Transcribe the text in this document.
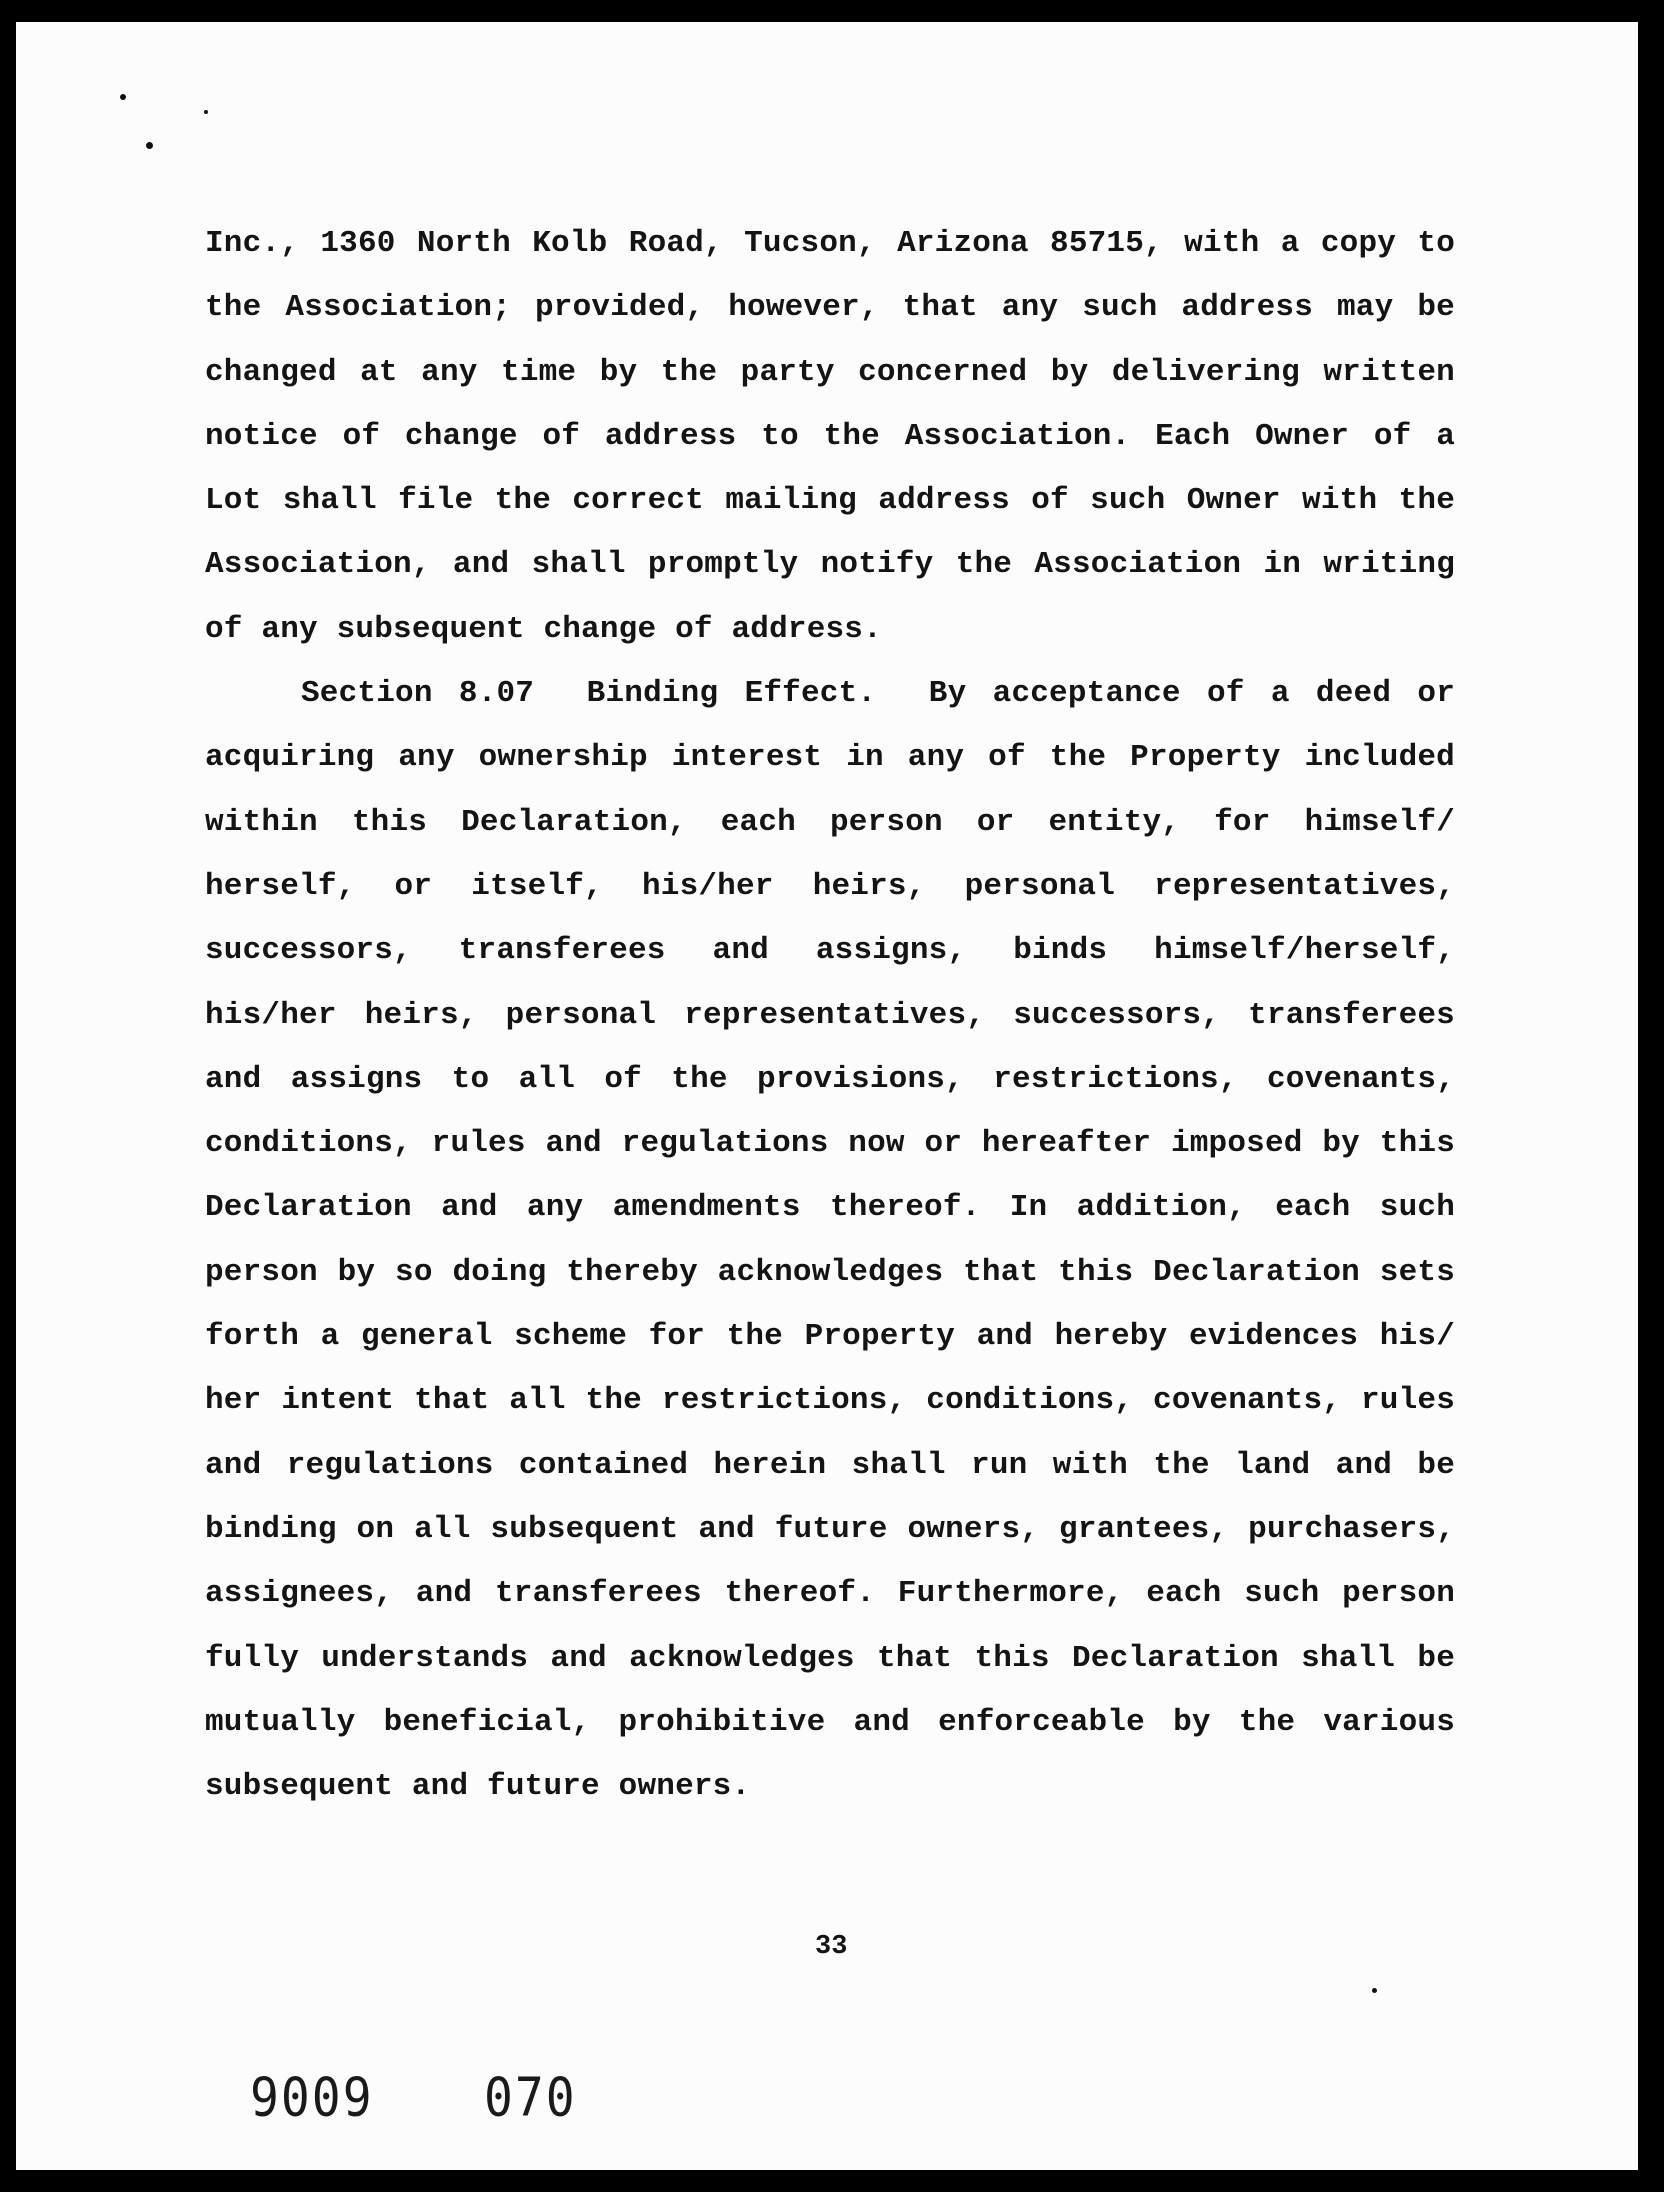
Inc., 1360 North Kolb Road, Tucson, Arizona 85715, with a copy to the Association; provided, however, that any such address may be changed at any time by the party concerned by delivering written notice of change of address to the Association. Each Owner of a Lot shall file the correct mailing address of such Owner with the Association, and shall promptly notify the Association in writing of any subsequent change of address.

Section 8.07 Binding Effect. By acceptance of a deed or acquiring any ownership interest in any of the Property included within this Declaration, each person or entity, for himself/ herself, or itself, his/her heirs, personal representatives, successors, transferees and assigns, binds himself/herself, his/her heirs, personal representatives, successors, transferees and assigns to all of the provisions, restrictions, covenants, conditions, rules and regulations now or hereafter imposed by this Declaration and any amendments thereof. In addition, each such person by so doing thereby acknowledges that this Declaration sets forth a general scheme for the Property and hereby evidences his/ her intent that all the restrictions, conditions, covenants, rules and regulations contained herein shall run with the land and be binding on all subsequent and future owners, grantees, purchasers, assignees, and transferees thereof. Furthermore, each such person fully understands and acknowledges that this Declaration shall be mutually beneficial, prohibitive and enforceable by the various subsequent and future owners.

33
9009 070
